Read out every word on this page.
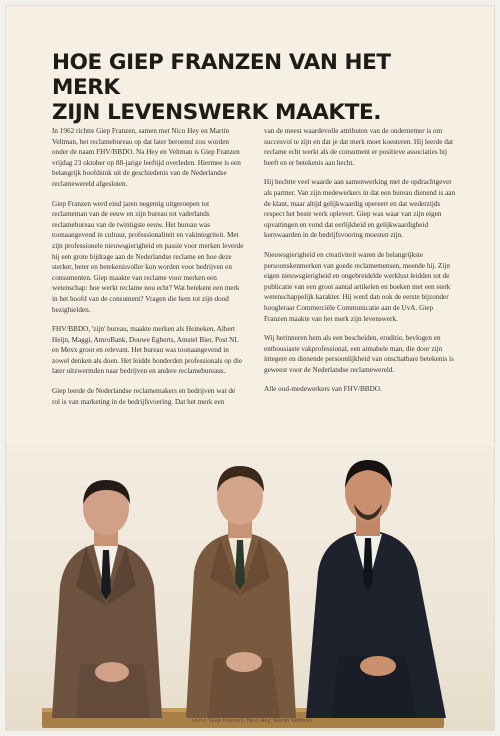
HOE GIEP FRANZEN VAN HET MERK
ZIJN LEVENSWERK MAAKTE.

In 1962 richtte Giep Franzen, samen met Nico Hey en Martin Veltman, het reclamebureau op dat later beroemd zou worden onder de naam FHV/BBDO. Na Hey en Veltman is Giep Franzen vrijdag 23 oktober op 88-jarige leeftijd overleden. Hiermee is een belangrijk hoofdstuk uit de geschiedenis van de Nederlandse reclamewereld afgesloten.

Giep Franzen werd eind jaren negentig uitgeroepen tot reclameman van de eeuw en zijn bureau tot vaderlands reclamebureau van de twintigste eeuw. Het bureau was toonaangevend in cultuur, professionaliteit en vakintegriteit. Met zijn professionele nieuwsgierigheid en passie voor merken leverde hij een grote bijdrage aan de Nederlandse reclame en hoe deze sterker, beter en betekenisvoller kon worden voor bedrijven en consumenten. Giep maakte van reclame voor merken een wetenschap: hoe werkt reclame nou echt? Wat betekent een merk in het hoofd van de consument? Vragen die hem tot zijn dood bezighielden.

FHV/BBDO, 'zijn' bureau, maakte merken als Heineken, Albert Heijn, Maggi, AmroBank, Douwe Egberts, Amstel Bier, Post NL en Mexx groot en relevant. Het bureau was toonaangevend in zowel denken als doen. Het leidde honderden professionals op die later uitzwermden naar bedrijven en andere reclamebureaus.

Giep leerde de Nederlandse reclamemakers en bedrijven wat de rol is van marketing in de bedrijfsvoering. Dat het merk een

van de meest waardevolle attributen van de ondernemer is om succesvol te zijn en dat je dat merk moet koesteren. Hij leerde dat reclame echt werkt als de consument er positieve associaties bij heeft en er betekenis aan hecht.

Hij hechtte veel waarde aan samenwerking met de opdrachtgever als partner. Van zijn medewerkers in dat een bureau dienend is aan de klant, maar altijd gelijkwaardig opereert en dat wederzijds respect het beste werk oplevert. Giep was waar van zijn eigen opvattingen en vond dat eerlijkheid en gelijkwaardigheid kernwaarden in de bedrijfsvoering moesten zijn.

Nieuwsgierigheid en creativiteit waren de belangrijkste persoonskenmerken van goede reclamemensen, meende hij. Zijn eigen nieuwsgierigheid en ongebreidelde werklust leidden tot de publicatie van een groot aantal artikelen en boeken met een sterk wetenschappelijk karakter. Hij werd dan ook de eerste bijzonder hoogleraar Commerciële Communicatie aan de UvA. Giep Franzen maakte van het merk zijn levenswerk.

Wij herinneren hem als een bescheiden, eruditie, bevlogen en enthousiaste vakprofessional, een aimabele man, die door zijn integere en dienende persoonlijkheid van onschatbare betekenis is geweest voor de Nederlandse reclamewereld.

Alle oud-medewerkers van FHV/BBDO.

v.l.n.r. Giep Franzen, Nico Hey, Martin Veltman
